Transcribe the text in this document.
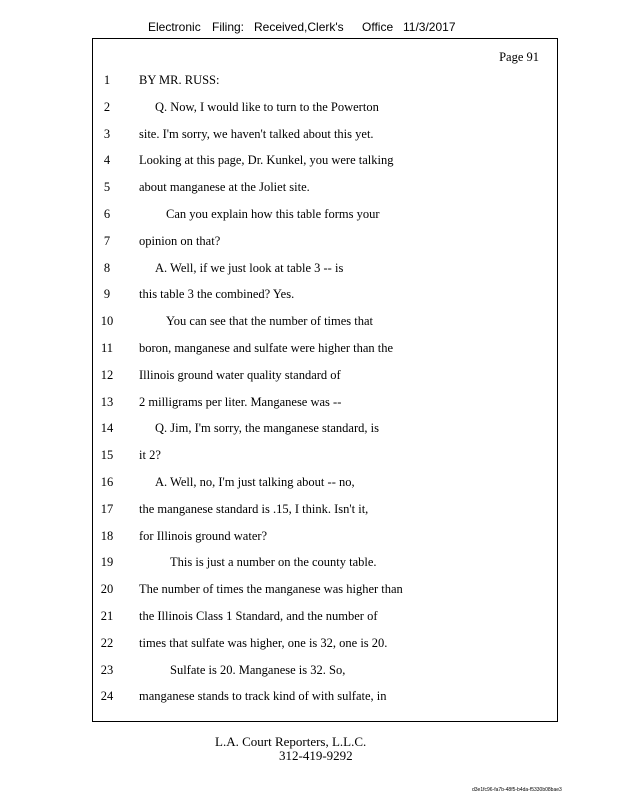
Electronic Filing: Received,Clerk's Office 11/3/2017
Page 91
1	BY MR. RUSS:
2	Q. Now, I would like to turn to the Powerton
3	site. I'm sorry, we haven't talked about this yet.
4	Looking at this page, Dr. Kunkel, you were talking
5	about manganese at the Joliet site.
6	Can you explain how this table forms your
7	opinion on that?
8	A. Well, if we just look at table 3 -- is
9	this table 3 the combined? Yes.
10	You can see that the number of times that
11	boron, manganese and sulfate were higher than the
12	Illinois ground water quality standard of
13	2 milligrams per liter. Manganese was --
14	Q. Jim, I'm sorry, the manganese standard, is
15	it 2?
16	A. Well, no, I'm just talking about -- no,
17	the manganese standard is .15, I think. Isn't it,
18	for Illinois ground water?
19	This is just a number on the county table.
20	The number of times the manganese was higher than
21	the Illinois Class 1 Standard, and the number of
22	times that sulfate was higher, one is 32, one is 20.
23	Sulfate is 20. Manganese is 32. So,
24	manganese stands to track kind of with sulfate, in
L.A. Court Reporters, L.L.C.
312-419-9292
d3e1fc96-fa7b-48f5-b4da-f5330b08bae3
